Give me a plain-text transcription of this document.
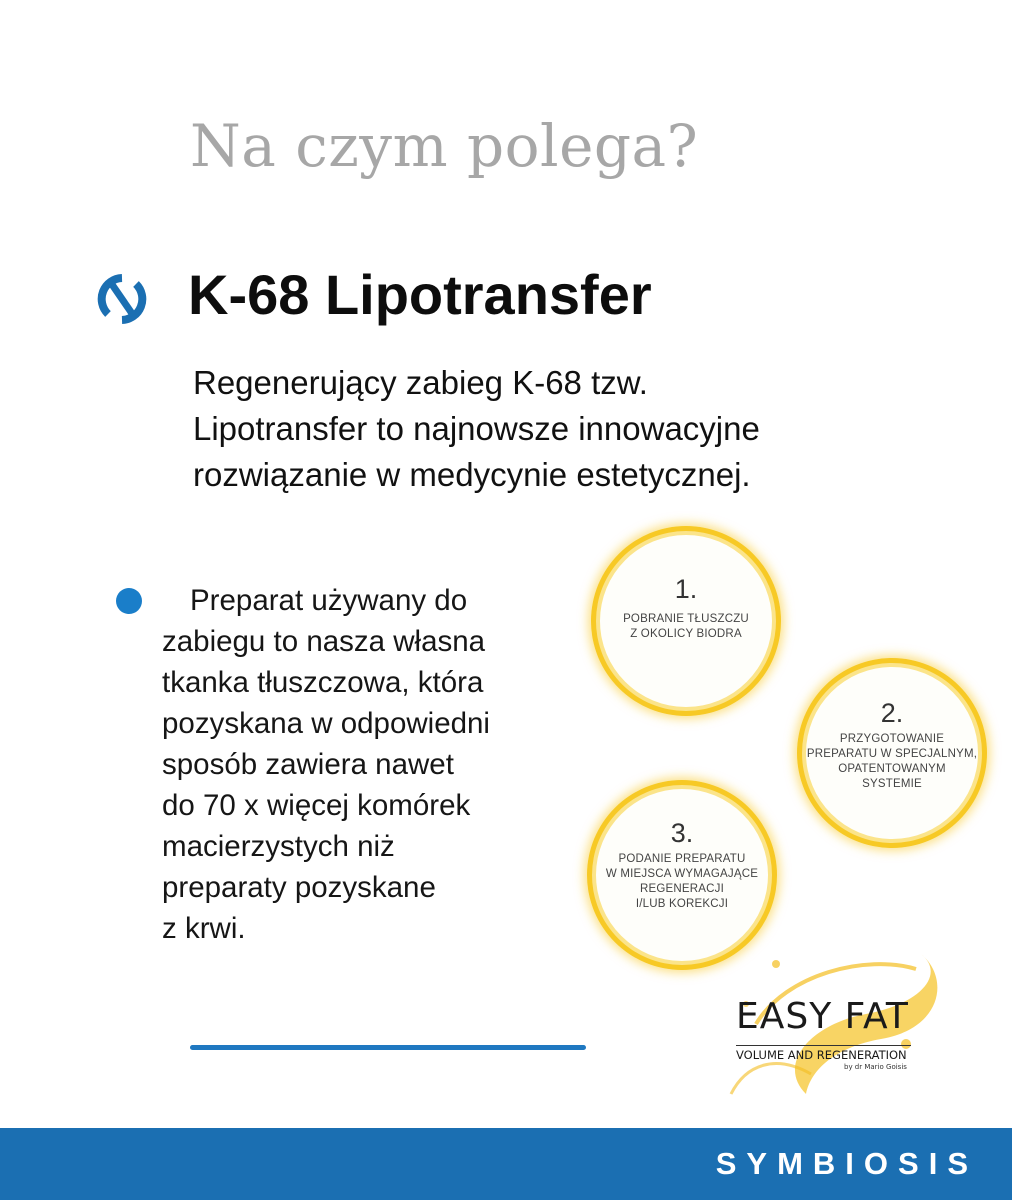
Na czym polega?
K-68 Lipotransfer
Regenerujący zabieg K-68 tzw.
Lipotransfer to najnowsze innowacyjne
rozwiązanie w medycynie estetycznej.
Preparat używany do
zabiegu to nasza własna
tkanka tłuszczowa, która
pozyskana w odpowiedni
sposób zawiera nawet
do 70 x więcej komórek
macierzystych niż
preparaty pozyskane
z krwi.
1.
POBRANIE TŁUSZCZU
Z OKOLICY BIODRA
2.
PRZYGOTOWANIE
PREPARATU W SPECJALNYM,
OPATENTOWANYM
SYSTEMIE
3.
PODANIE PREPARATU
W MIEJSCA WYMAGAJĄCE
REGENERACJI
I/LUB KOREKCJI
EASY FAT
VOLUME AND REGENERATION
by dr Mario Goisis
SYMBIOSIS
